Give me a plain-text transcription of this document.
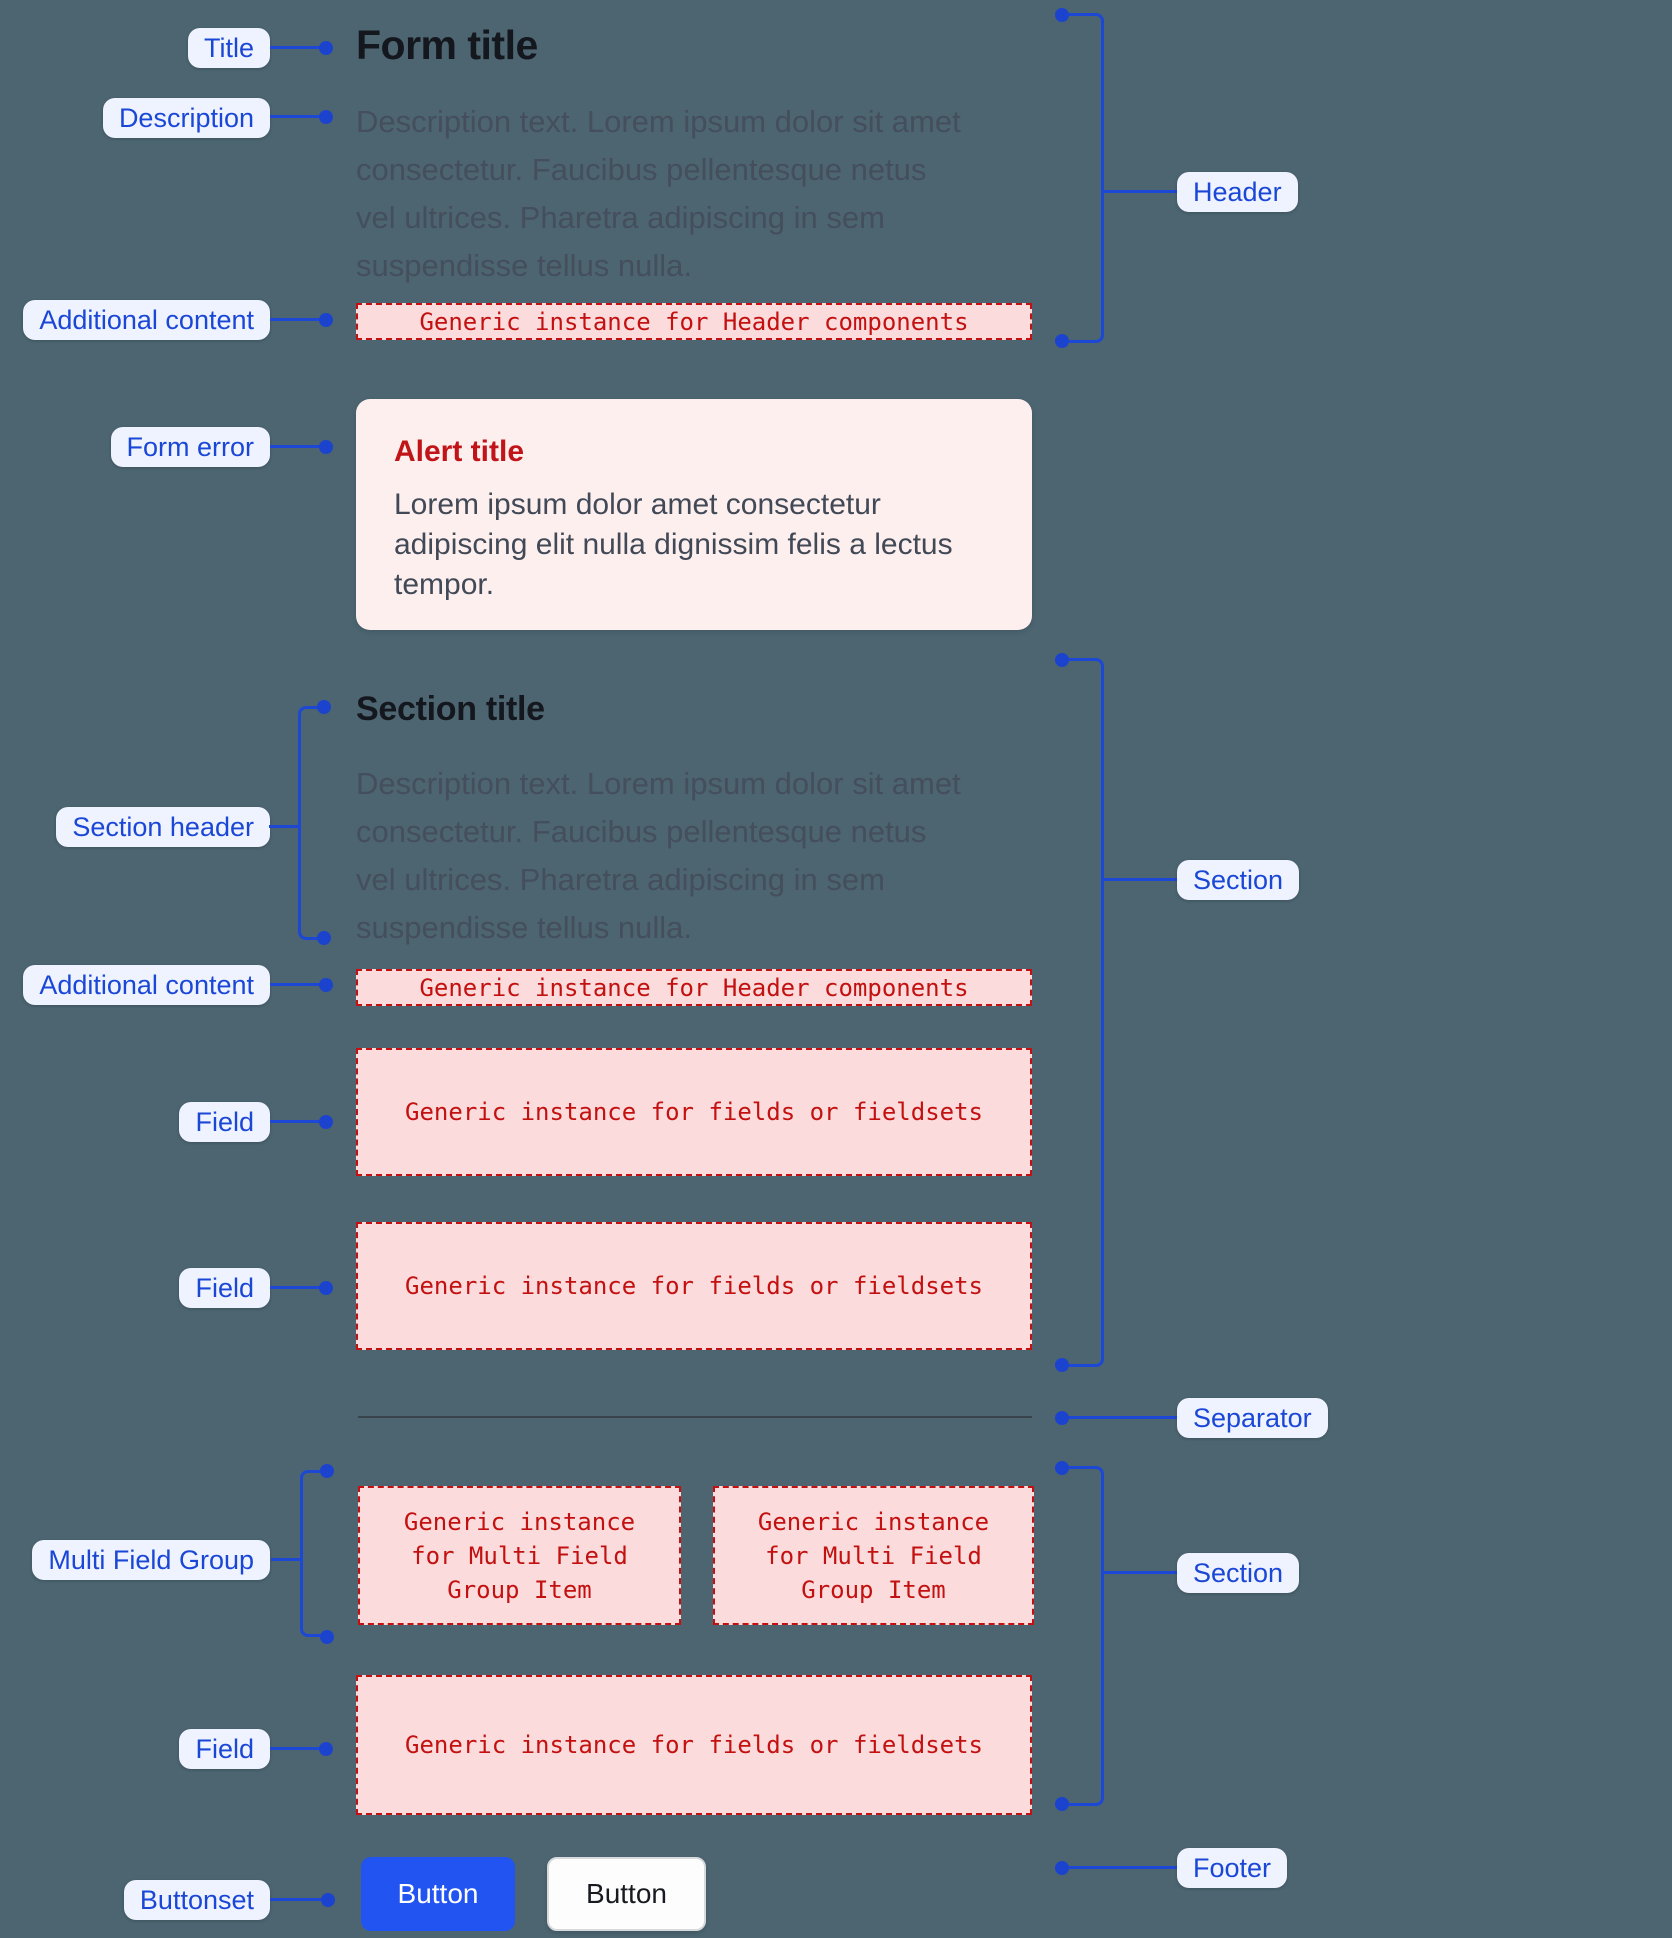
Form title
Description text. Lorem ipsum dolor sit amet
consectetur. Faucibus pellentesque netus
vel ultrices. Pharetra adipiscing in sem
suspendisse tellus nulla.
Generic instance for Header components
Alert title
Lorem ipsum dolor amet consectetur
adipiscing elit nulla dignissim felis a lectus
tempor.
Section title
Description text. Lorem ipsum dolor sit amet
consectetur. Faucibus pellentesque netus
vel ultrices. Pharetra adipiscing in sem
suspendisse tellus nulla.
Generic instance for Header components
Generic instance for fields or fieldsets
Generic instance for fields or fieldsets
Generic instance
for Multi Field
Group Item
Generic instance
for Multi Field
Group Item
Generic instance for fields or fieldsets
Button	Button
Title
Description
Additional content
Form error
Section header
Additional content
Field
Field
Multi Field Group
Field
Buttonset
Header
Section
Separator
Section
Footer
